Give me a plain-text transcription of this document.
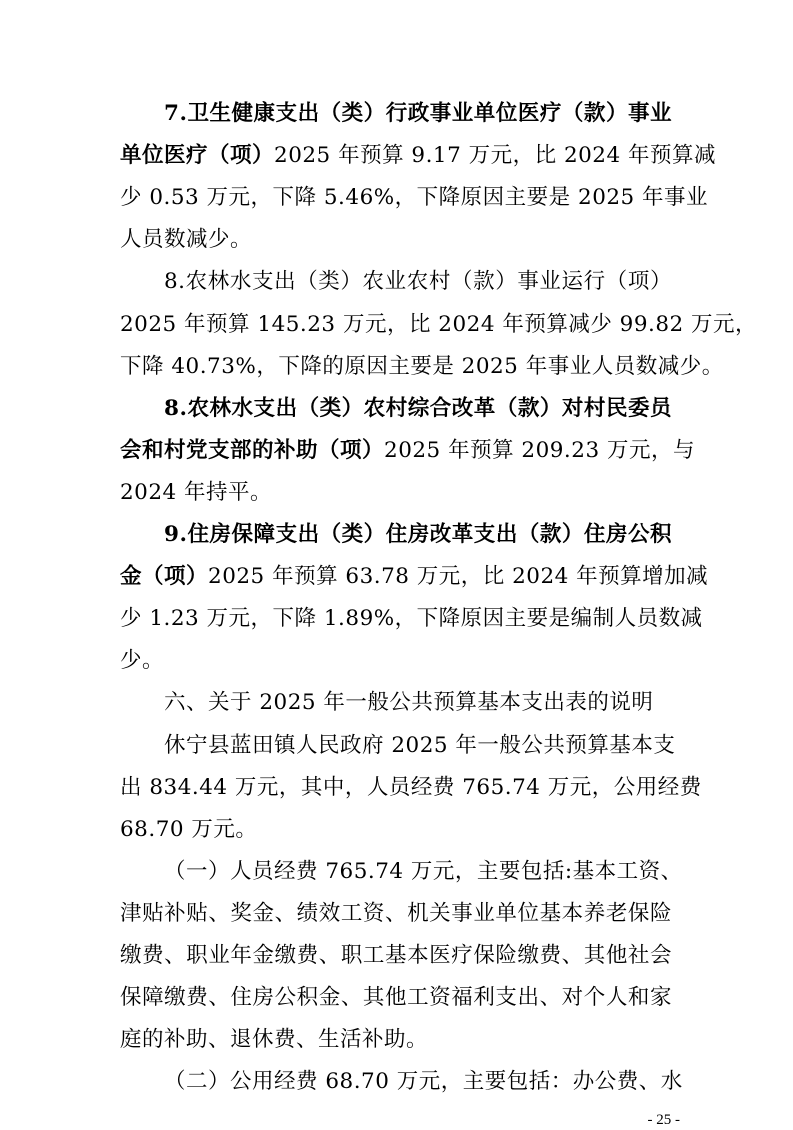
7.卫生健康支出（类）行政事业单位医疗（款）事业
单位医疗（项）2025 年预算 9.17 万元，比 2024 年预算减
少 0.53 万元，下降 5.46%，下降原因主要是 2025 年事业
人员数减少。
8.农林水支出（类）农业农村（款）事业运行（项）
2025 年预算 145.23 万元，比 2024 年预算减少 99.82 万元，
下降 40.73%，下降的原因主要是 2025 年事业人员数减少。
8.农林水支出（类）农村综合改革（款）对村民委员
会和村党支部的补助（项）2025 年预算 209.23 万元，与
2024 年持平。
9.住房保障支出（类）住房改革支出（款）住房公积
金（项）2025 年预算 63.78 万元，比 2024 年预算增加减
少 1.23 万元，下降 1.89%，下降原因主要是编制人员数减
少。
六、关于 2025 年一般公共预算基本支出表的说明
休宁县蓝田镇人民政府 2025 年一般公共预算基本支
出 834.44 万元，其中，人员经费 765.74 万元，公用经费
68.70 万元。
（一）人员经费 765.74 万元，主要包括:基本工资、
津贴补贴、奖金、绩效工资、机关事业单位基本养老保险
缴费、职业年金缴费、职工基本医疗保险缴费、其他社会
保障缴费、住房公积金、其他工资福利支出、对个人和家
庭的补助、退休费、生活补助。
- 25 -
（二）公用经费 68.70 万元，主要包括：办公费、水
